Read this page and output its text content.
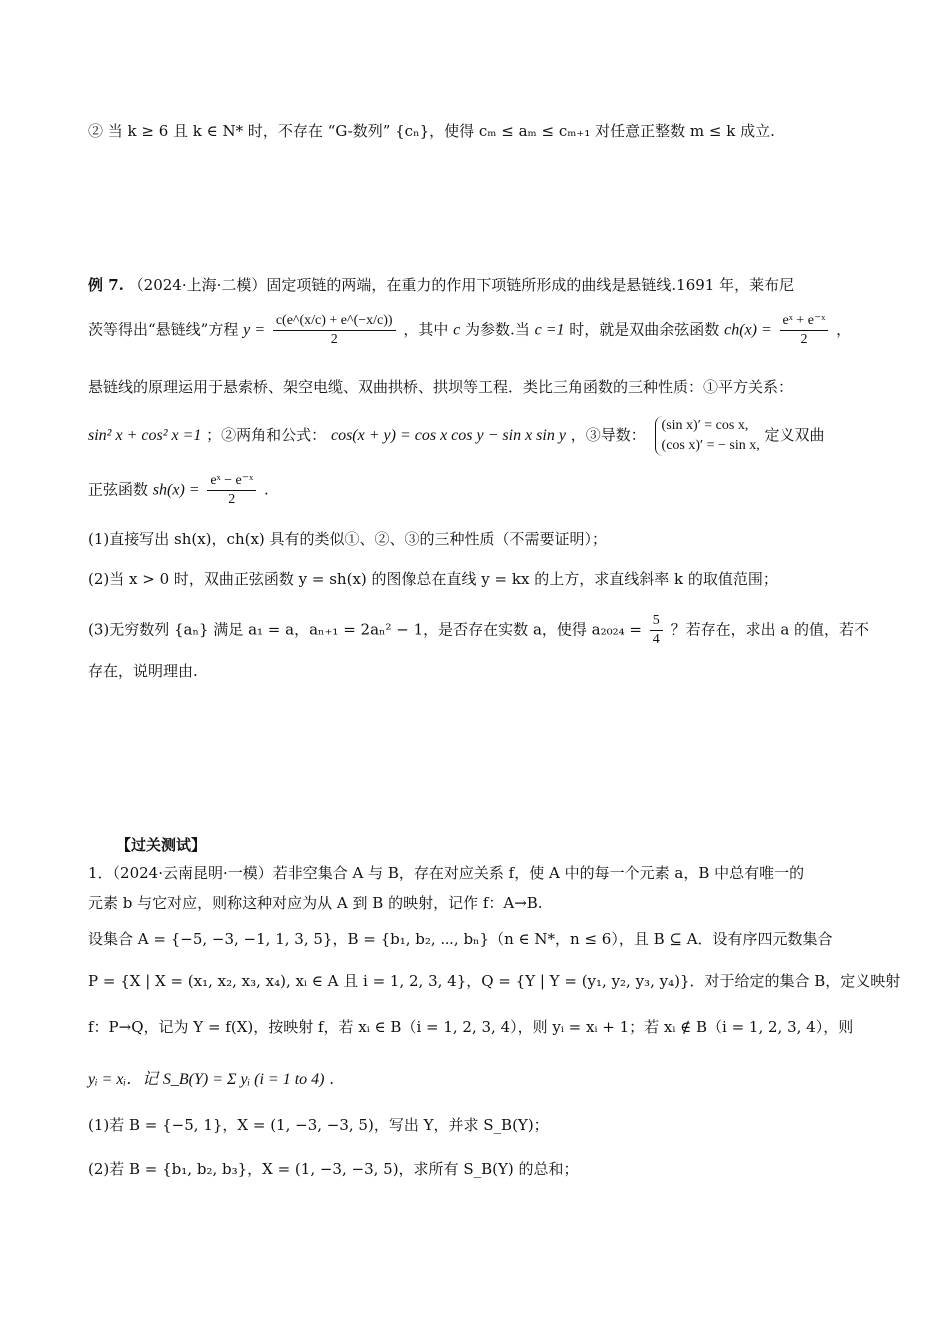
② 当 k ≥ 6 且 k ∈ N* 时，不存在 “G-数列” {cₙ}，使得 cₘ ≤ aₘ ≤ cₘ₊₁ 对任意正整数 m ≤ k 成立.
例 7. （2024·上海·二模）固定项链的两端，在重力的作用下项链所形成的曲线是悬链线.1691 年，莱布尼
茨等得出“悬链线”方程 $y = \frac{c(e\^{}(x/c) + e\^{}(-x/c))}{2}$ ，其中 c 为参数.当 c =1 时，就是双曲余弦函数 $ch(x) = \frac{\text{eˣ + e⁻ˣ}}{2}$ ，
悬链线的原理运用于悬索桥、架空电缆、双曲拱桥、拱坝等工程．类比三角函数的三种性质：①平方关系：
sin² x + cos² x =1 ；②两角和公式： cos(x + y) = cos x cos y − sin x sin y ，③导数：
(sin x)′ = cos x,
(cos x)′ = − sin x,
定义双曲
正弦函数 $sh(x) = \frac{\text{eˣ − e⁻ˣ}}{2}$ .
(1)直接写出 sh(x)，ch(x) 具有的类似①、②、③的三种性质（不需要证明）；
(2)当 x > 0 时，双曲正弦函数 y = sh(x) 的图像总在直线 y = kx 的上方，求直线斜率 k 的取值范围；
(3)无穷数列 {aₙ} 满足 a₁ = a，aₙ₊₁ = 2aₙ² − 1，是否存在实数 a，使得 $a_{2024} = \frac{5}{4}$ ？若存在，求出 a 的值，若不
存在，说明理由.
【过关测试】
1．（2024·云南昆明·一模）若非空集合 A 与 B，存在对应关系 f，使 A 中的每一个元素 a，B 中总有唯一的
元素 b 与它对应，则称这种对应为从 A 到 B 的映射，记作 f：A→B.
设集合 A = {−5, −3, −1, 1, 3, 5}，B = {b₁, b₂, ⋯, bₙ}（n ∈ N*，n ≤ 6），且 B ⊆ A．设有序四元数集合
P = {X | X = (x₁, x₂, x₃, x₄), xᵢ ∈ A 且 i = 1, 2, 3, 4}，Q = {Y | Y = (y₁, y₂, y₃, y₄)}．对于给定的集合 B，定义映射
f：P→Q，记为 Y = f(X)，按映射 f，若 xᵢ ∈ B（i = 1, 2, 3, 4），则 yᵢ = xᵢ + 1；若 xᵢ ∉ B（i = 1, 2, 3, 4），则
yᵢ = xᵢ．记 S_B(Y) = Σ yᵢ (i = 1 to 4) .
(1)若 B = {−5, 1}，X = (1, −3, −3, 5)，写出 Y，并求 S_B(Y)；
(2)若 B = {b₁, b₂, b₃}，X = (1, −3, −3, 5)，求所有 S_B(Y) 的总和；
